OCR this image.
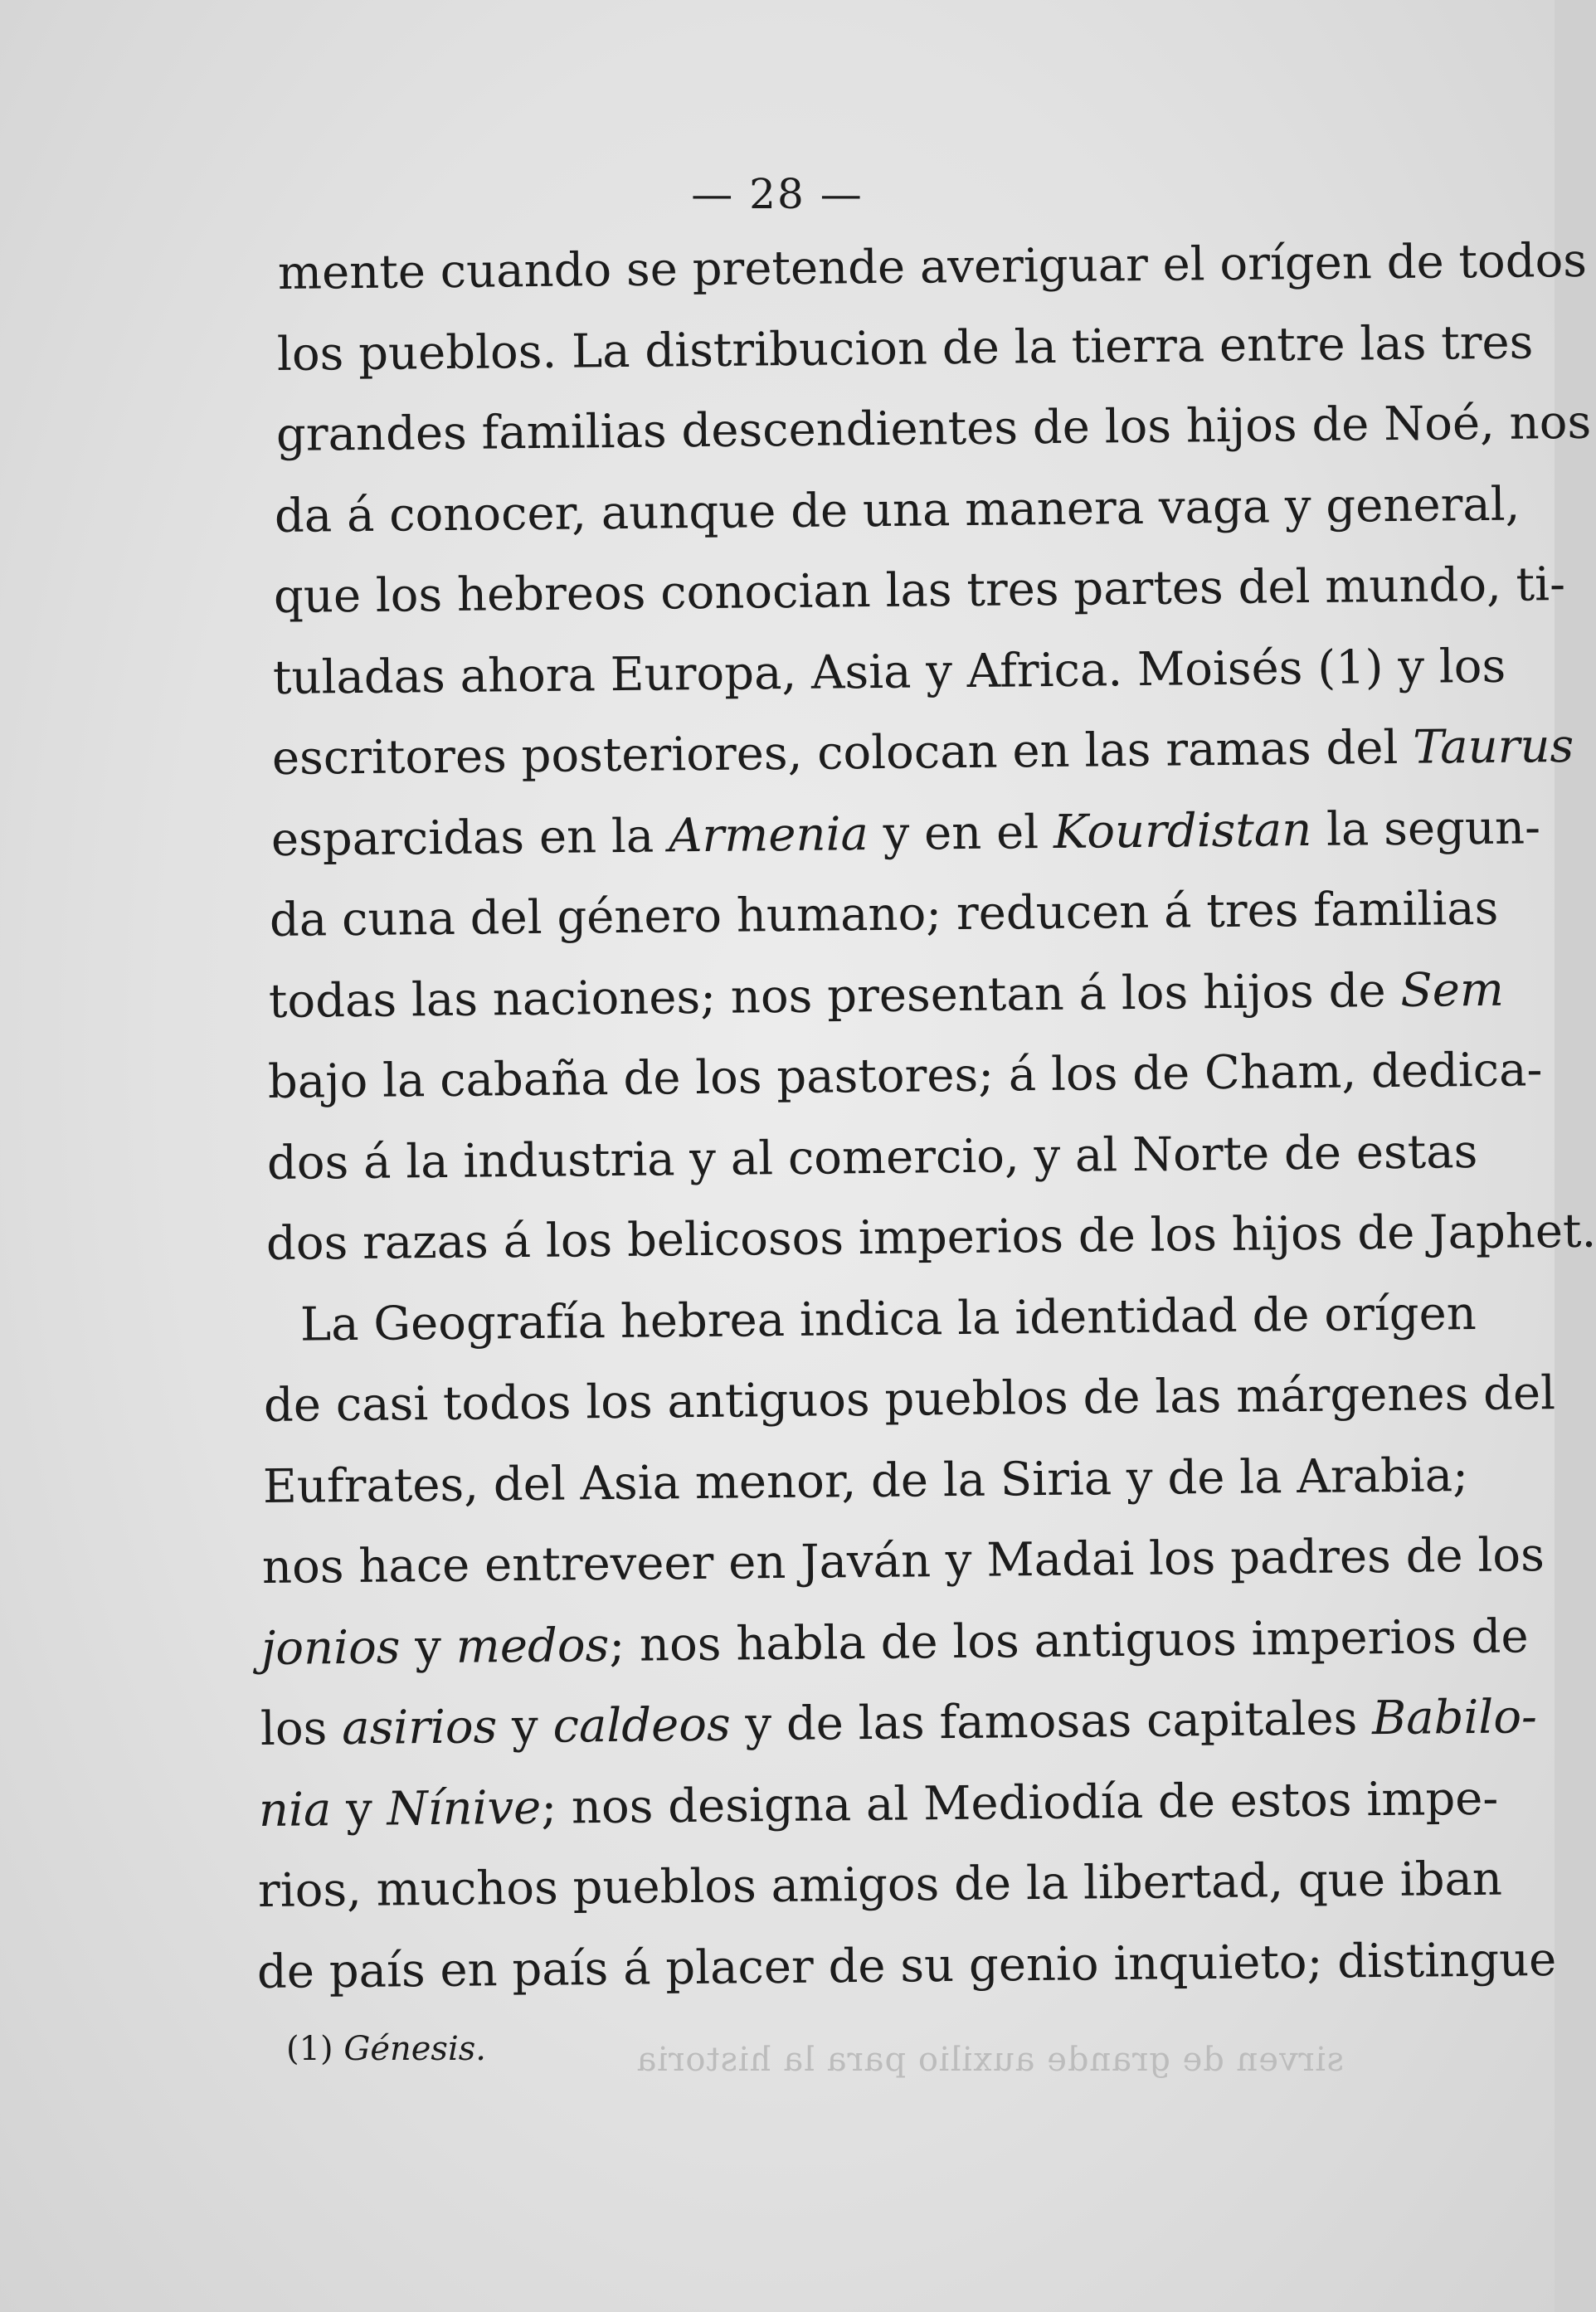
sirven de grande auxilio para la historia
— 28 —
mente cuando se pretende averiguar el orígen de todos
los pueblos. La distribucion de la tierra entre las tres
grandes familias descendientes de los hijos de Noé, nos
da á conocer, aunque de una manera vaga y general,
que los hebreos conocian las tres partes del mundo, ti-
tuladas ahora Europa, Asia y Africa. Moisés (1) y los
escritores posteriores, colocan en las ramas del Taurus
esparcidas en la Armenia y en el Kourdistan la segun-
da cuna del género humano; reducen á tres familias
todas las naciones; nos presentan á los hijos de Sem
bajo la cabaña de los pastores; á los de Cham, dedica-
dos á la industria y al comercio, y al Norte de estas
dos razas á los belicosos imperios de los hijos de Japhet.
La Geografía hebrea indica la identidad de orígen
de casi todos los antiguos pueblos de las márgenes del
Eufrates, del Asia menor, de la Siria y de la Arabia;
nos hace entreveer en Javán y Madai los padres de los
jonios y medos; nos habla de los antiguos imperios de
los asirios y caldeos y de las famosas capitales Babilo-
nia y Nínive; nos designa al Mediodía de estos impe-
rios, muchos pueblos amigos de la libertad, que iban
de país en país á placer de su genio inquieto; distingue
(1) Génesis.
